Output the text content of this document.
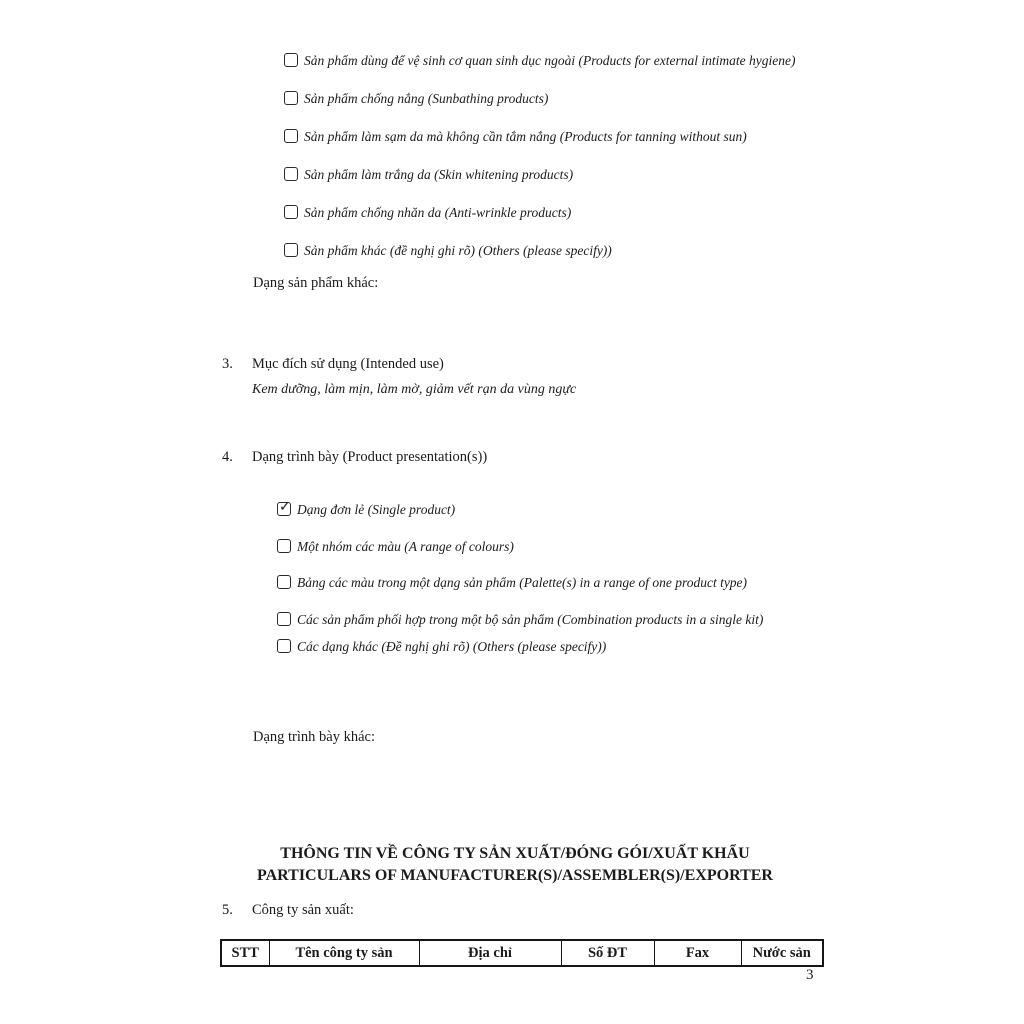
Sản phẩm dùng để vệ sinh cơ quan sinh dục ngoài (Products for external intimate hygiene)
Sản phẩm chống nắng (Sunbathing products)
Sản phẩm làm sạm da mà không cần tắm nắng (Products for tanning without sun)
Sản phẩm làm trắng da (Skin whitening products)
Sản phẩm chống nhăn da (Anti-wrinkle products)
Sản phẩm khác (đề nghị ghi rõ) (Others (please specify))
Dạng sản phẩm khác:
3. Mục đích sử dụng (Intended use)
Kem dưỡng, làm mịn, làm mờ, giảm vết rạn da vùng ngực
4. Dạng trình bày (Product presentation(s))
✓
Dạng đơn lẻ (Single product)
Một nhóm các màu (A range of colours)
Bảng các màu trong một dạng sản phẩm (Palette(s) in a range of one product type)
Các sản phẩm phối hợp trong một bộ sản phẩm (Combination products in a single kit)
Các dạng khác (Đề nghị ghi rõ) (Others (please specify))
Dạng trình bày khác:
THÔNG TIN VỀ CÔNG TY SẢN XUẤT/ĐÓNG GÓI/XUẤT KHẨU
PARTICULARS OF MANUFACTURER(S)/ASSEMBLER(S)/EXPORTER
5. Công ty sản xuất:
STT	Tên công ty sản	Địa chỉ	Số ĐT	Fax	Nước sản
3
